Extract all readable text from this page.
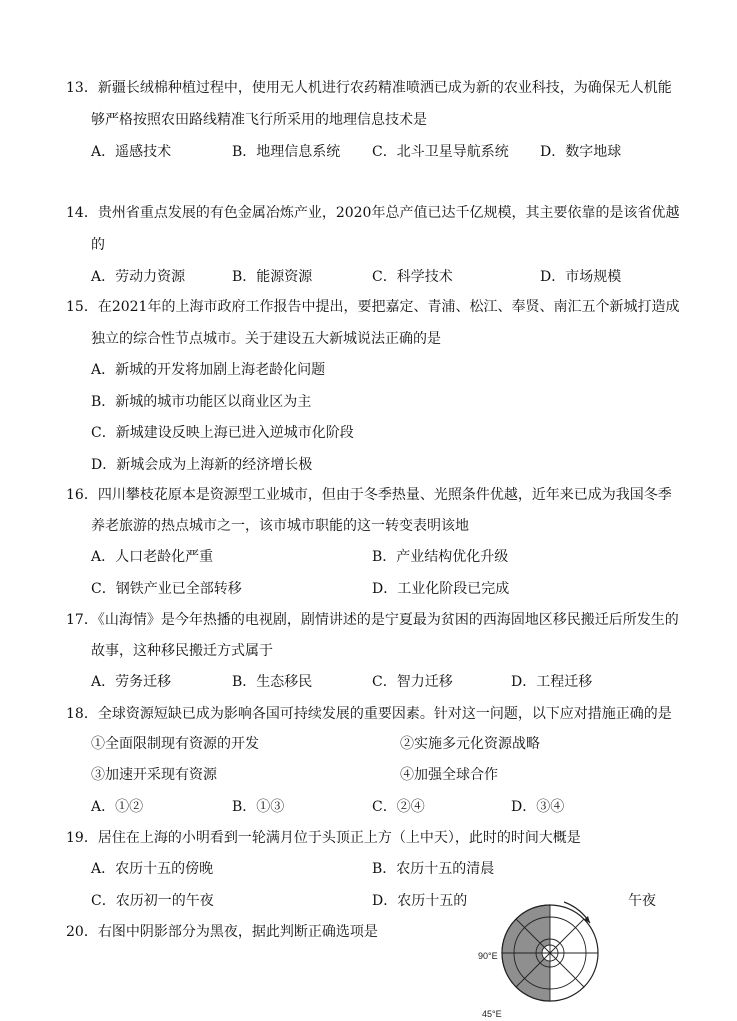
13．新疆长绒棉种植过程中，使用无人机进行农药精准喷洒已成为新的农业科技，为确保无人机能
够严格按照农田路线精准飞行所采用的地理信息技术是
A．遥感技术	B．地理信息系统 C．北斗卫星导航系统 D．数字地球
14．贵州省重点发展的有色金属冶炼产业，2020年总产值已达千亿规模，其主要依靠的是该省优越
的
A．劳动力资源	B．能源资源	C．科学技术	D．市场规模
15．在2021年的上海市政府工作报告中提出，要把嘉定、青浦、松江、奉贤、南汇五个新城打造成
独立的综合性节点城市。关于建设五大新城说法正确的是
A．新城的开发将加剧上海老龄化问题
B．新城的城市功能区以商业区为主
C．新城建设反映上海已进入逆城市化阶段
D．新城会成为上海新的经济增长极
16．四川攀枝花原本是资源型工业城市，但由于冬季热量、光照条件优越，近年来已成为我国冬季
养老旅游的热点城市之一，该市城市职能的这一转变表明该地
A．人口老龄化严重	B．产业结构优化升级
C．钢铁产业已全部转移	D．工业化阶段已完成
17．《山海情》是今年热播的电视剧，剧情讲述的是宁夏最为贫困的西海固地区移民搬迁后所发生的
故事，这种移民搬迁方式属于
A．劳务迁移	B．生态移民	C．智力迁移	D．工程迁移
18．全球资源短缺已成为影响各国可持续发展的重要因素。针对这一问题，以下应对措施正确的是
①全面限制现有资源的开发	②实施多元化资源战略
③加速开采现有资源	④加强全球合作
A．①②	B．①③	C．②④	D．③④
19．居住在上海的小明看到一轮满月位于头顶正上方（上中天），此时的时间大概是
A．农历十五的傍晚	B．农历十五的清晨
C．农历初一的午夜	D．农历十五的	午夜
20．右图中阴影部分为黑夜，据此判断正确选项是
90°E
45°E
